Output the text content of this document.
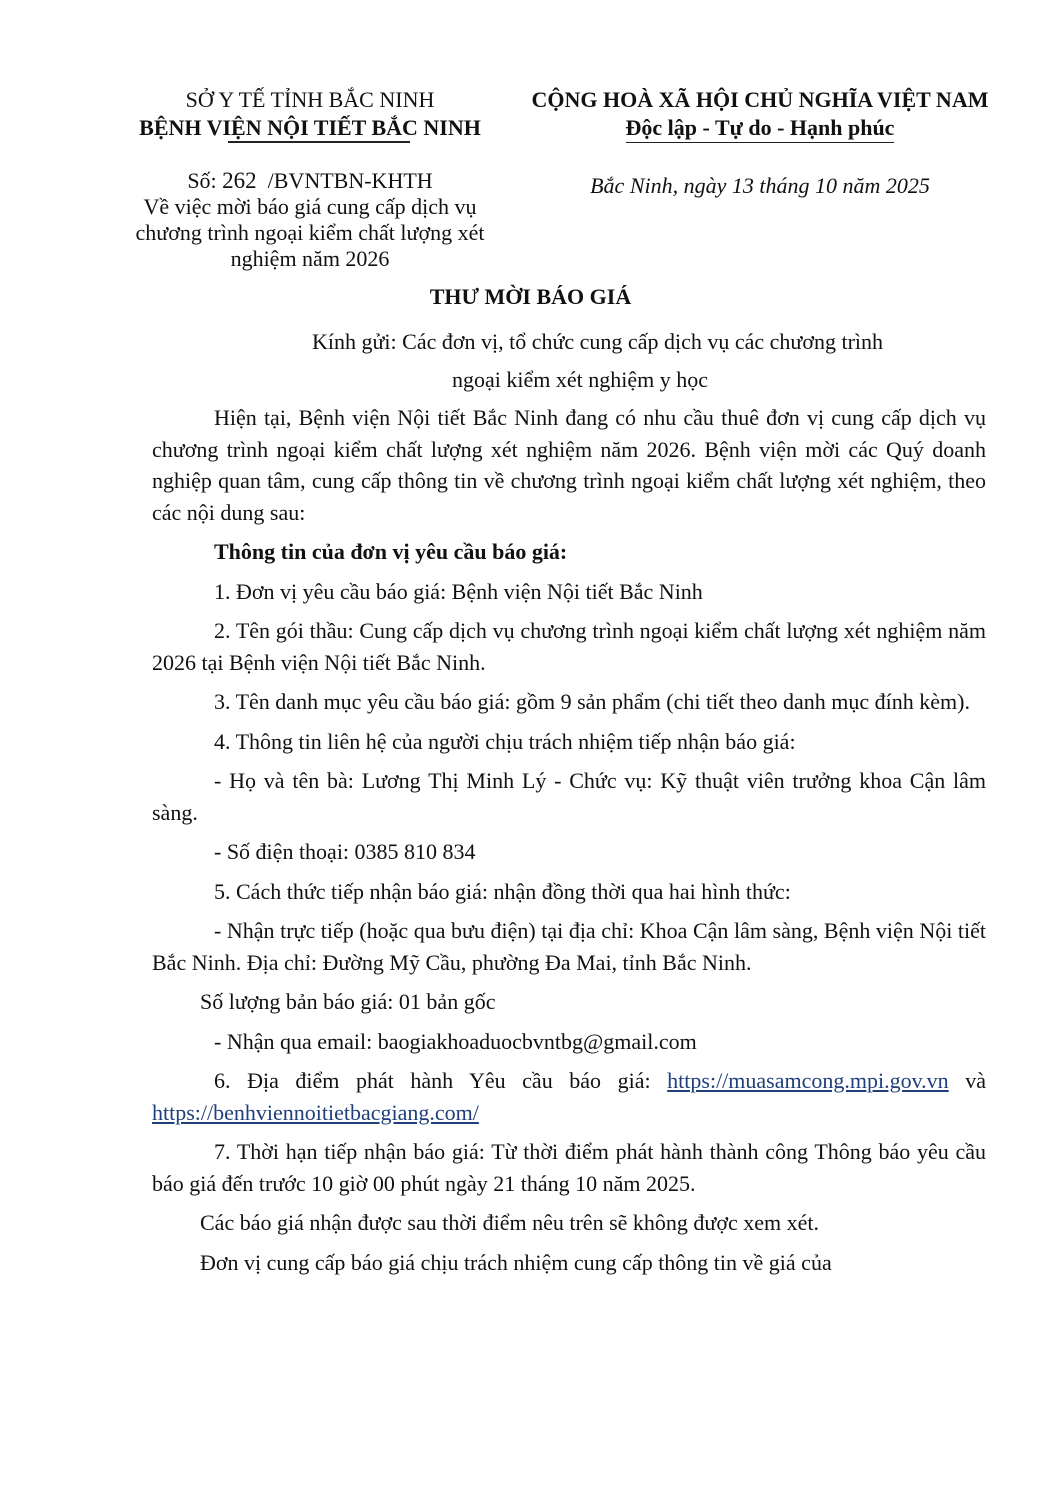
SỞ Y TẾ TỈNH BẮC NINH
BỆNH VIỆN NỘI TIẾT BẮC NINH
Số: 262 /BVNTBN-KHTH
Về việc mời báo giá cung cấp dịch vụ
chương trình ngoại kiểm chất lượng xét
nghiệm năm 2026
CỘNG HOÀ XÃ HỘI CHỦ NGHĨA VIỆT NAM
Độc lập - Tự do - Hạnh phúc
Bắc Ninh, ngày 13 tháng 10 năm 2025
THƯ MỜI BÁO GIÁ
Kính gửi: Các đơn vị, tổ chức cung cấp dịch vụ các chương trình
ngoại kiểm xét nghiệm y học

Hiện tại, Bệnh viện Nội tiết Bắc Ninh đang có nhu cầu thuê đơn vị cung cấp dịch vụ chương trình ngoại kiểm chất lượng xét nghiệm năm 2026. Bệnh viện mời các Quý doanh nghiệp quan tâm, cung cấp thông tin về chương trình ngoại kiểm chất lượng xét nghiệm, theo các nội dung sau:

Thông tin của đơn vị yêu cầu báo giá:

1. Đơn vị yêu cầu báo giá: Bệnh viện Nội tiết Bắc Ninh

2. Tên gói thầu: Cung cấp dịch vụ chương trình ngoại kiểm chất lượng xét nghiệm năm 2026 tại Bệnh viện Nội tiết Bắc Ninh.

3. Tên danh mục yêu cầu báo giá: gồm 9 sản phẩm (chi tiết theo danh mục đính kèm).

4. Thông tin liên hệ của người chịu trách nhiệm tiếp nhận báo giá:

- Họ và tên bà: Lương Thị Minh Lý - Chức vụ: Kỹ thuật viên trưởng khoa Cận lâm sàng.

- Số điện thoại: 0385 810 834

5. Cách thức tiếp nhận báo giá: nhận đồng thời qua hai hình thức:

- Nhận trực tiếp (hoặc qua bưu điện) tại địa chỉ: Khoa Cận lâm sàng, Bệnh viện Nội tiết Bắc Ninh. Địa chỉ: Đường Mỹ Cầu, phường Đa Mai, tỉnh Bắc Ninh.

Số lượng bản báo giá: 01 bản gốc

- Nhận qua email: baogiakhoaduocbvntbg@gmail.com

6. Địa điểm phát hành Yêu cầu báo giá: https://muasamcong.mpi.gov.vn và https://benhviennoitietbacgiang.com/

7. Thời hạn tiếp nhận báo giá: Từ thời điểm phát hành thành công Thông báo yêu cầu báo giá đến trước 10 giờ 00 phút ngày 21 tháng 10 năm 2025.

Các báo giá nhận được sau thời điểm nêu trên sẽ không được xem xét.

Đơn vị cung cấp báo giá chịu trách nhiệm cung cấp thông tin về giá của
